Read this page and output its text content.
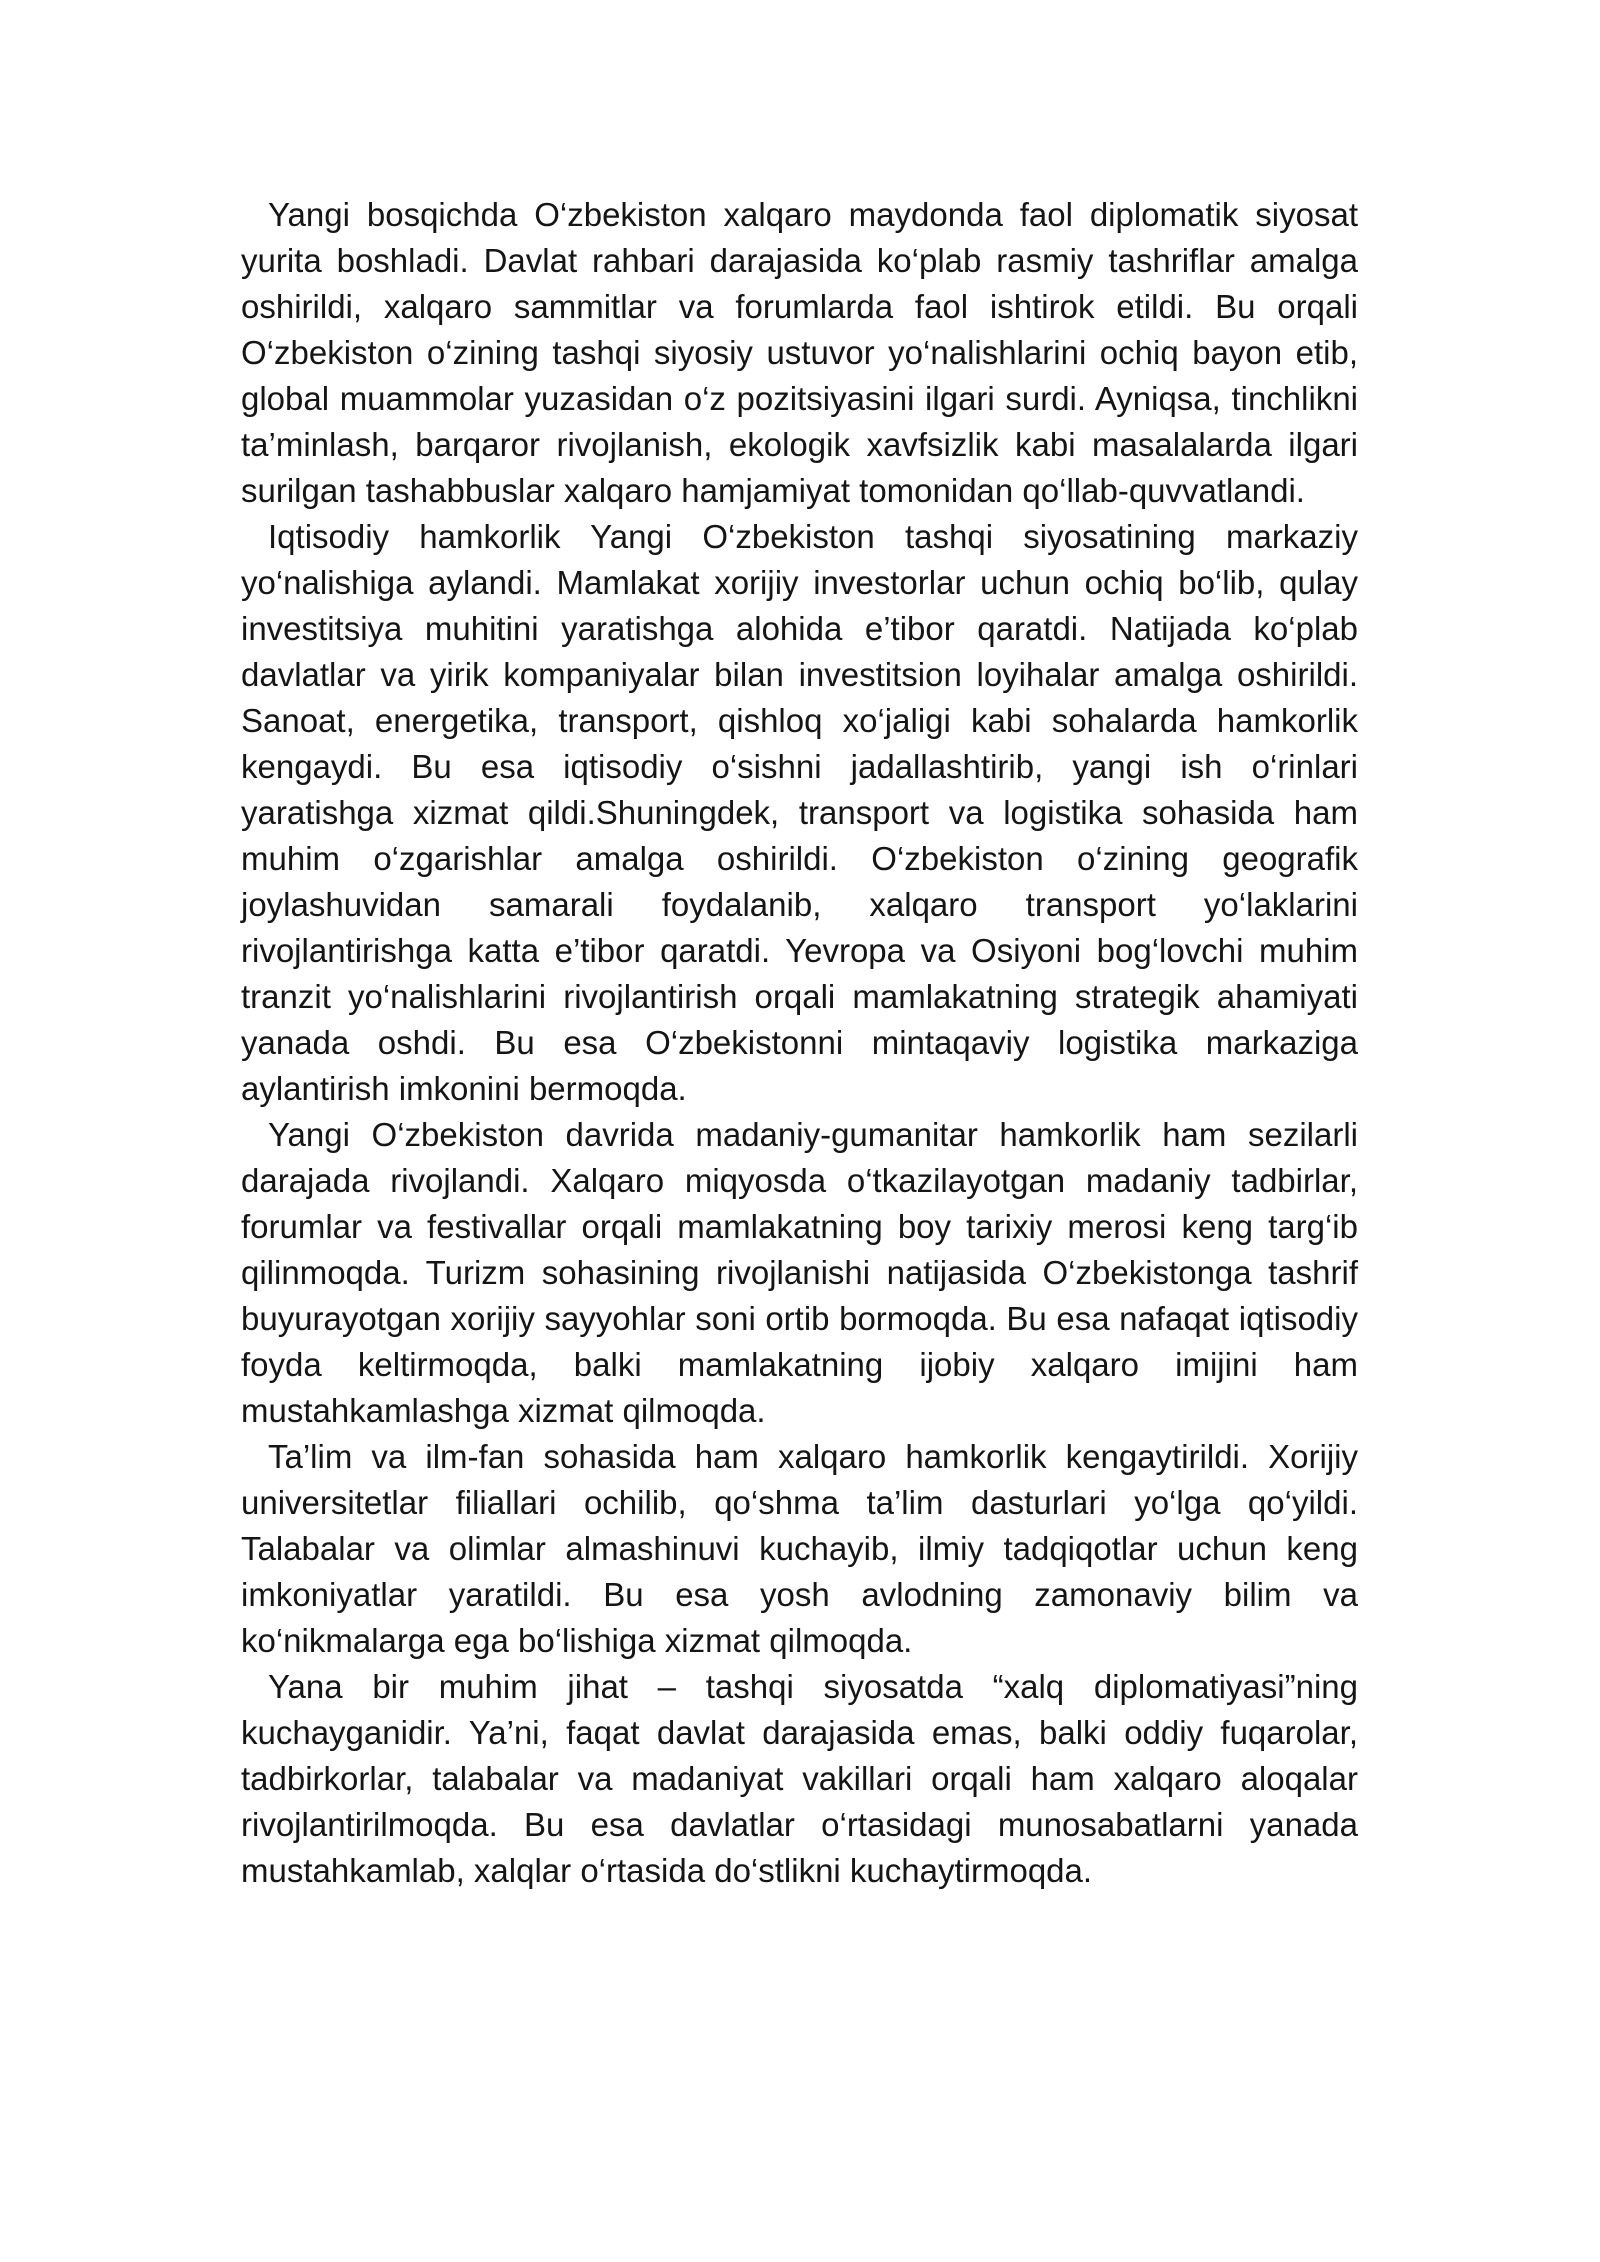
Yangi bosqichda O‘zbekiston xalqaro maydonda faol diplomatik siyosat yurita boshladi. Davlat rahbari darajasida ko‘plab rasmiy tashriflar amalga oshirildi, xalqaro sammitlar va forumlarda faol ishtirok etildi. Bu orqali O‘zbekiston o‘zining tashqi siyosiy ustuvor yo‘nalishlarini ochiq bayon etib, global muammolar yuzasidan o‘z pozitsiyasini ilgari surdi. Ayniqsa, tinchlikni ta’minlash, barqaror rivojlanish, ekologik xavfsizlik kabi masalalarda ilgari surilgan tashabbuslar xalqaro hamjamiyat tomonidan qo‘llab-quvvatlandi.

Iqtisodiy hamkorlik Yangi O‘zbekiston tashqi siyosatining markaziy yo‘nalishiga aylandi. Mamlakat xorijiy investorlar uchun ochiq bo‘lib, qulay investitsiya muhitini yaratishga alohida e’tibor qaratdi. Natijada ko‘plab davlatlar va yirik kompaniyalar bilan investitsion loyihalar amalga oshirildi. Sanoat, energetika, transport, qishloq xo‘jaligi kabi sohalarda hamkorlik kengaydi. Bu esa iqtisodiy o‘sishni jadallashtirib, yangi ish o‘rinlari yaratishga xizmat qildi.Shuningdek, transport va logistika sohasida ham muhim o‘zgarishlar amalga oshirildi. O‘zbekiston o‘zining geografik joylashuvidan samarali foydalanib, xalqaro transport yo‘laklarini rivojlantirishga katta e’tibor qaratdi. Yevropa va Osiyoni bog‘lovchi muhim tranzit yo‘nalishlarini rivojlantirish orqali mamlakatning strategik ahamiyati yanada oshdi. Bu esa O‘zbekistonni mintaqaviy logistika markaziga aylantirish imkonini bermoqda.

Yangi O‘zbekiston davrida madaniy-gumanitar hamkorlik ham sezilarli darajada rivojlandi. Xalqaro miqyosda o‘tkazilayotgan madaniy tadbirlar, forumlar va festivallar orqali mamlakatning boy tarixiy merosi keng targ‘ib qilinmoqda. Turizm sohasining rivojlanishi natijasida O‘zbekistonga tashrif buyurayotgan xorijiy sayyohlar soni ortib bormoqda. Bu esa nafaqat iqtisodiy foyda keltirmoqda, balki mamlakatning ijobiy xalqaro imijini ham mustahkamlashga xizmat qilmoqda.

Ta’lim va ilm-fan sohasida ham xalqaro hamkorlik kengaytirildi. Xorijiy universitetlar filiallari ochilib, qo‘shma ta’lim dasturlari yo‘lga qo‘yildi. Talabalar va olimlar almashinuvi kuchayib, ilmiy tadqiqotlar uchun keng imkoniyatlar yaratildi. Bu esa yosh avlodning zamonaviy bilim va ko‘nikmalarga ega bo‘lishiga xizmat qilmoqda.

Yana bir muhim jihat – tashqi siyosatda “xalq diplomatiyasi”ning kuchayganidir. Ya’ni, faqat davlat darajasida emas, balki oddiy fuqarolar, tadbirkorlar, talabalar va madaniyat vakillari orqali ham xalqaro aloqalar rivojlantirilmoqda. Bu esa davlatlar o‘rtasidagi munosabatlarni yanada mustahkamlab, xalqlar o‘rtasida do‘stlikni kuchaytirmoqda.
